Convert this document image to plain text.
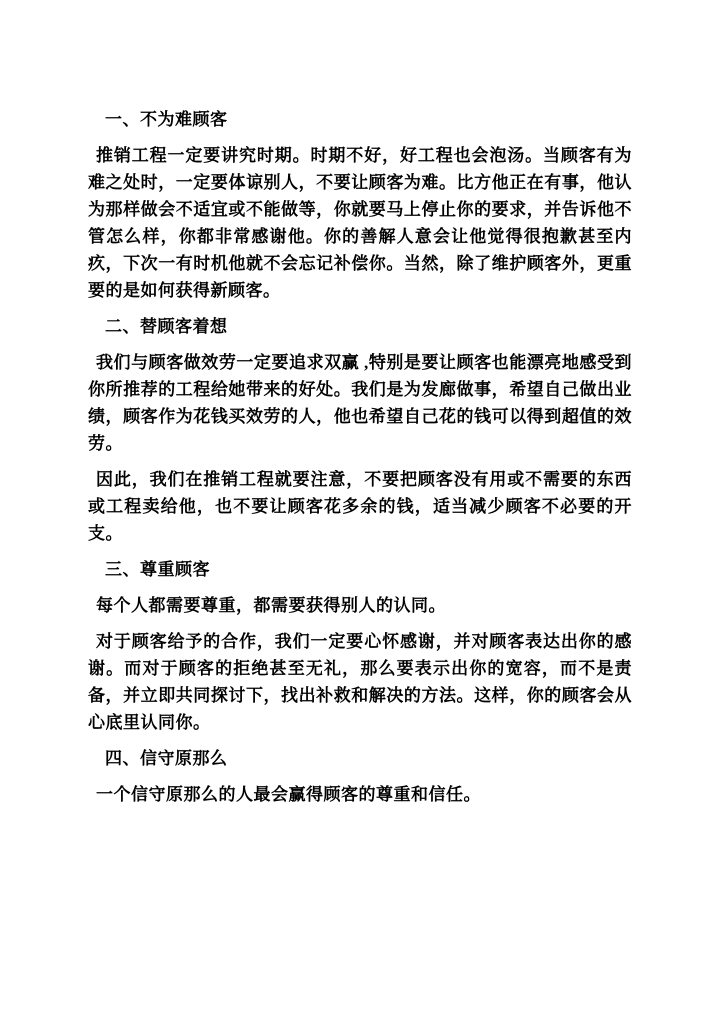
一、不为难顾客

推销工程一定要讲究时期。时期不好，好工程也会泡汤。当顾客有为难之处时，一定要体谅别人，不要让顾客为难。比方他正在有事，他认为那样做会不适宜或不能做等，你就要马上停止你的要求，并告诉他不管怎么样，你都非常感谢他。你的善解人意会让他觉得很抱歉甚至内疚，下次一有时机他就不会忘记补偿你。当然，除了维护顾客外，更重要的是如何获得新顾客。

二、替顾客着想

我们与顾客做效劳一定要追求双赢 ,特别是要让顾客也能漂亮地感受到你所推荐的工程给她带来的好处。我们是为发廊做事，希望自己做出业绩，顾客作为花钱买效劳的人，他也希望自己花的钱可以得到超值的效劳。

因此，我们在推销工程就要注意，不要把顾客没有用或不需要的东西或工程卖给他，也不要让顾客花多余的钱，适当减少顾客不必要的开支。

三、尊重顾客

每个人都需要尊重，都需要获得别人的认同。

对于顾客给予的合作，我们一定要心怀感谢，并对顾客表达出你的感谢。而对于顾客的拒绝甚至无礼，那么要表示出你的宽容，而不是责备，并立即共同探讨下，找出补救和解决的方法。这样，你的顾客会从心底里认同你。

四、信守原那么

一个信守原那么的人最会赢得顾客的尊重和信任。
